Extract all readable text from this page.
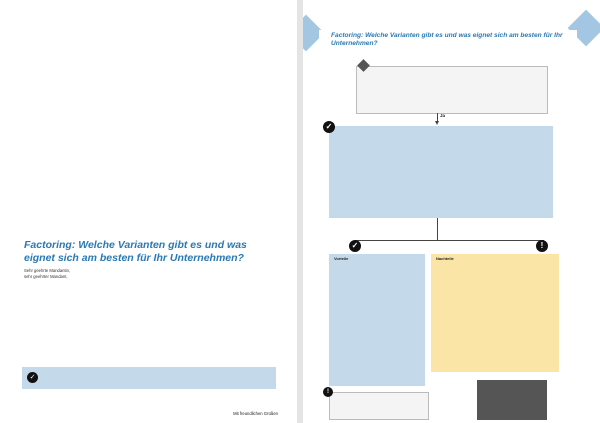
Factoring: Welche Varianten gibt es und was eignet sich am besten für Ihr Unternehmen?
Sehr geehrte Mandantin,
sehr geehrter Mandant,
✓
Mit freundlichen Grüßen
Factoring: Welche Varianten gibt es und was eignet sich am besten für Ihr Unternehmen?
Ja
✓
✓	!
Vorteile	Nachteile
!
